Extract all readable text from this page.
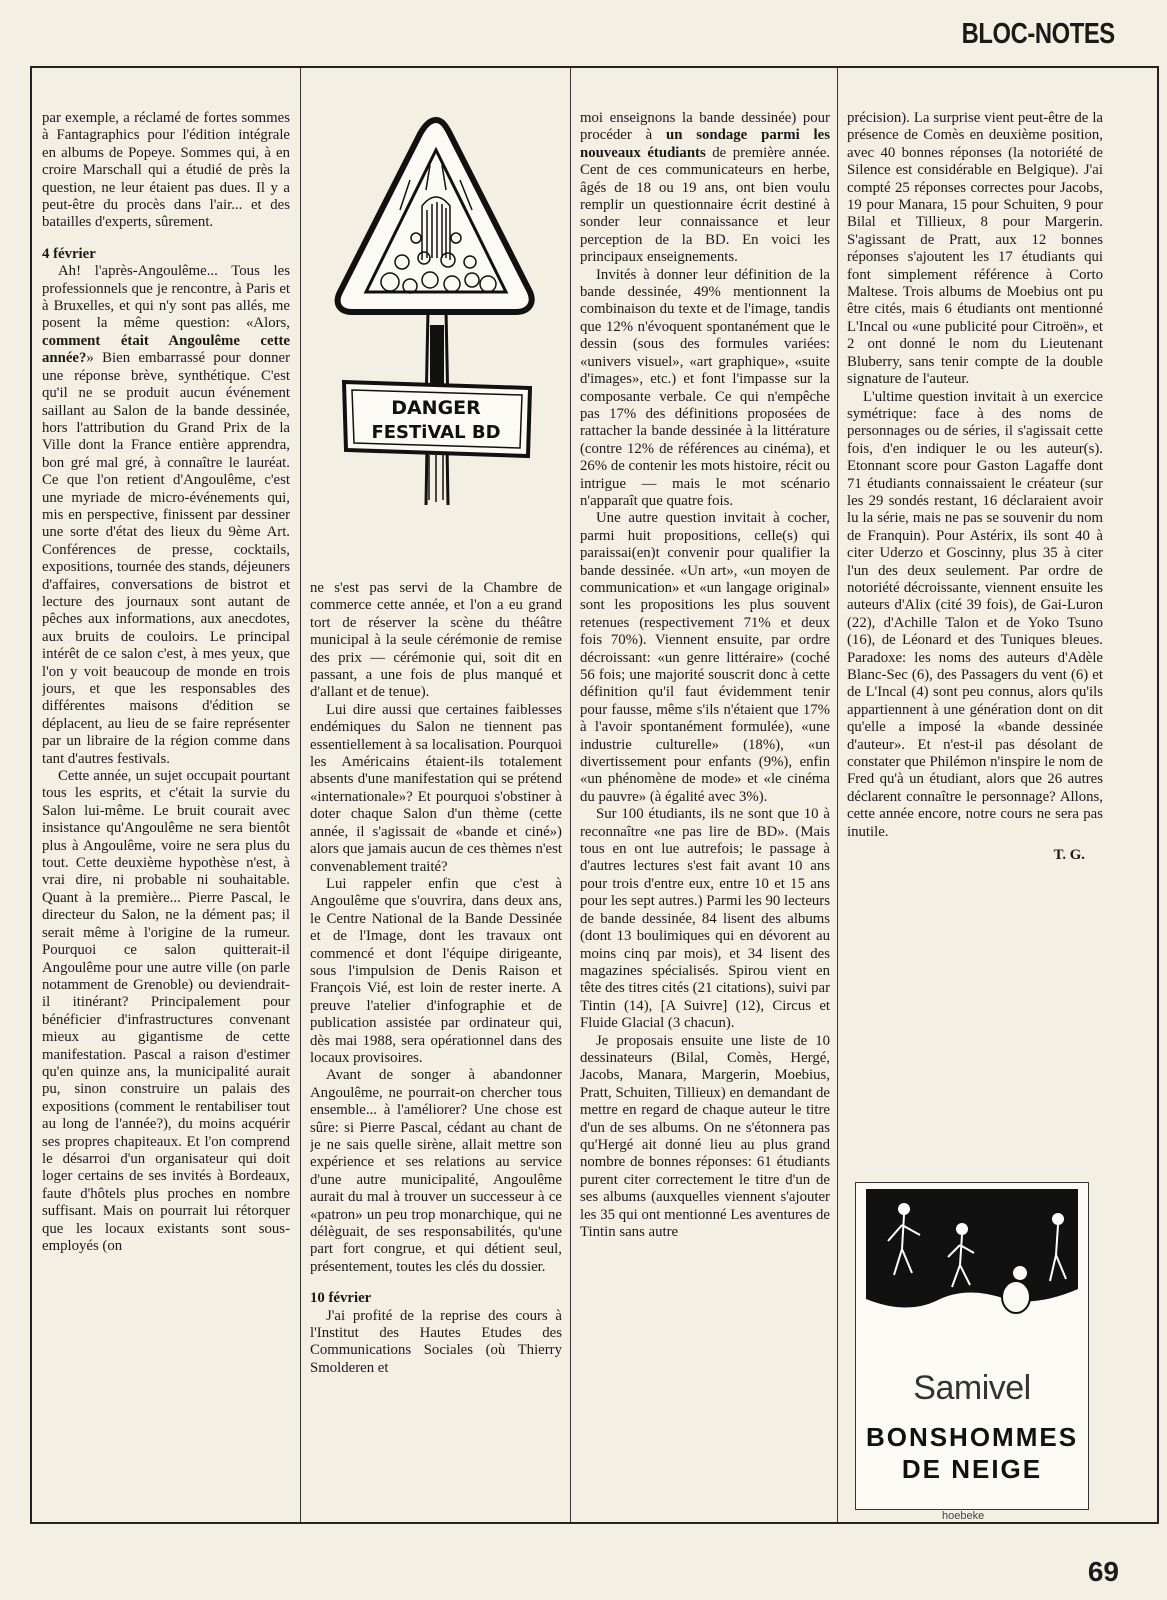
BLOC-NOTES

par exemple, a réclamé de fortes sommes à Fantagraphics pour l'édition intégrale en albums de Popeye. Sommes qui, à en croire Marschall qui a étudié de près la question, ne leur étaient pas dues. Il y a peut-être du procès dans l'air... et des batailles d'experts, sûrement.

4 février

Ah! l'après-Angoulême... Tous les professionnels que je rencontre, à Paris et à Bruxelles, et qui n'y sont pas allés, me posent la même question: «Alors, comment était Angoulême cette année?» Bien embarrassé pour donner une réponse brève, synthétique. C'est qu'il ne se produit aucun événement saillant au Salon de la bande dessinée, hors l'attribution du Grand Prix de la Ville dont la France entière apprendra, bon gré mal gré, à connaître le lauréat. Ce que l'on retient d'Angoulême, c'est une myriade de micro-événements qui, mis en perspective, finissent par dessiner une sorte d'état des lieux du 9ème Art. Conférences de presse, cocktails, expositions, tournée des stands, déjeuners d'affaires, conversations de bistrot et lecture des journaux sont autant de pêches aux informations, aux anecdotes, aux bruits de couloirs. Le principal intérêt de ce salon c'est, à mes yeux, que l'on y voit beaucoup de monde en trois jours, et que les responsables des différentes maisons d'édition se déplacent, au lieu de se faire représenter par un libraire de la région comme dans tant d'autres festivals.

Cette année, un sujet occupait pourtant tous les esprits, et c'était la survie du Salon lui-même. Le bruit courait avec insistance qu'Angoulême ne sera bientôt plus à Angoulême, voire ne sera plus du tout. Cette deuxième hypothèse n'est, à vrai dire, ni probable ni souhaitable. Quant à la première... Pierre Pascal, le directeur du Salon, ne la dément pas; il serait même à l'origine de la rumeur. Pourquoi ce salon quitterait-il Angoulême pour une autre ville (on parle notamment de Grenoble) ou deviendrait-il itinérant? Principalement pour bénéficier d'infrastructures convenant mieux au gigantisme de cette manifestation. Pascal a raison d'estimer qu'en quinze ans, la municipalité aurait pu, sinon construire un palais des expositions (comment le rentabiliser tout au long de l'année?), du moins acquérir ses propres chapiteaux. Et l'on comprend le désarroi d'un organisateur qui doit loger certains de ses invités à Bordeaux, faute d'hôtels plus proches en nombre suffisant. Mais on pourrait lui rétorquer que les locaux existants sont sous-employés (on

DANGER
FESTiVAL BD

ne s'est pas servi de la Chambre de commerce cette année, et l'on a eu grand tort de réserver la scène du théâtre municipal à la seule cérémonie de remise des prix — cérémonie qui, soit dit en passant, a une fois de plus manqué et d'allant et de tenue).

Lui dire aussi que certaines faiblesses endémiques du Salon ne tiennent pas essentiellement à sa localisation. Pourquoi les Américains étaient-ils totalement absents d'une manifestation qui se prétend «internationale»? Et pourquoi s'obstiner à doter chaque Salon d'un thème (cette année, il s'agissait de «bande et ciné») alors que jamais aucun de ces thèmes n'est convenablement traité?

Lui rappeler enfin que c'est à Angoulême que s'ouvrira, dans deux ans, le Centre National de la Bande Dessinée et de l'Image, dont les travaux ont commencé et dont l'équipe dirigeante, sous l'impulsion de Denis Raison et François Vié, est loin de rester inerte. A preuve l'atelier d'infographie et de publication assistée par ordinateur qui, dès mai 1988, sera opérationnel dans des locaux provisoires.

Avant de songer à abandonner Angoulême, ne pourrait-on chercher tous ensemble... à l'améliorer? Une chose est sûre: si Pierre Pascal, cédant au chant de je ne sais quelle sirène, allait mettre son expérience et ses relations au service d'une autre municipalité, Angoulême aurait du mal à trouver un successeur à ce «patron» un peu trop monarchique, qui ne délèguait, de ses responsabilités, qu'une part fort congrue, et qui détient seul, présentement, toutes les clés du dossier.

10 février

J'ai profité de la reprise des cours à l'Institut des Hautes Etudes des Communications Sociales (où Thierry Smolderen et

moi enseignons la bande dessinée) pour procéder à un sondage parmi les nouveaux étudiants de première année. Cent de ces communicateurs en herbe, âgés de 18 ou 19 ans, ont bien voulu remplir un questionnaire écrit destiné à sonder leur connaissance et leur perception de la BD. En voici les principaux enseignements.

Invités à donner leur définition de la bande dessinée, 49% mentionnent la combinaison du texte et de l'image, tandis que 12% n'évoquent spontanément que le dessin (sous des formules variées: «univers visuel», «art graphique», «suite d'images», etc.) et font l'impasse sur la composante verbale. Ce qui n'empêche pas 17% des définitions proposées de rattacher la bande dessinée à la littérature (contre 12% de références au cinéma), et 26% de contenir les mots histoire, récit ou intrigue — mais le mot scénario n'apparaît que quatre fois.

Une autre question invitait à cocher, parmi huit propositions, celle(s) qui paraissai(en)t convenir pour qualifier la bande dessinée. «Un art», «un moyen de communication» et «un langage original» sont les propositions les plus souvent retenues (respectivement 71% et deux fois 70%). Viennent ensuite, par ordre décroissant: «un genre littéraire» (coché 56 fois; une majorité souscrit donc à cette définition qu'il faut évidemment tenir pour fausse, même s'ils n'étaient que 17% à l'avoir spontanément formulée), «une industrie culturelle» (18%), «un divertissement pour enfants (9%), enfin «un phénomène de mode» et «le cinéma du pauvre» (à égalité avec 3%).

Sur 100 étudiants, ils ne sont que 10 à reconnaître «ne pas lire de BD». (Mais tous en ont lue autrefois; le passage à d'autres lectures s'est fait avant 10 ans pour trois d'entre eux, entre 10 et 15 ans pour les sept autres.) Parmi les 90 lecteurs de bande dessinée, 84 lisent des albums (dont 13 boulimiques qui en dévorent au moins cinq par mois), et 34 lisent des magazines spécialisés. Spirou vient en tête des titres cités (21 citations), suivi par Tintin (14), [A Suivre] (12), Circus et Fluide Glacial (3 chacun).

Je proposais ensuite une liste de 10 dessinateurs (Bilal, Comès, Hergé, Jacobs, Manara, Margerin, Moebius, Pratt, Schuiten, Tillieux) en demandant de mettre en regard de chaque auteur le titre d'un de ses albums. On ne s'étonnera pas qu'Hergé ait donné lieu au plus grand nombre de bonnes réponses: 61 étudiants purent citer correctement le titre d'un de ses albums (auxquelles viennent s'ajouter les 35 qui ont mentionné Les aventures de Tintin sans autre

précision). La surprise vient peut-être de la présence de Comès en deuxième position, avec 40 bonnes réponses (la notoriété de Silence est considérable en Belgique). J'ai compté 25 réponses correctes pour Jacobs, 19 pour Manara, 15 pour Schuiten, 9 pour Bilal et Tillieux, 8 pour Margerin. S'agissant de Pratt, aux 12 bonnes réponses s'ajoutent les 17 étudiants qui font simplement référence à Corto Maltese. Trois albums de Moebius ont pu être cités, mais 6 étudiants ont mentionné L'Incal ou «une publicité pour Citroën», et 2 ont donné le nom du Lieutenant Bluberry, sans tenir compte de la double signature de l'auteur.

L'ultime question invitait à un exercice symétrique: face à des noms de personnages ou de séries, il s'agissait cette fois, d'en indiquer le ou les auteur(s). Etonnant score pour Gaston Lagaffe dont 71 étudiants connaissaient le créateur (sur les 29 sondés restant, 16 déclaraient avoir lu la série, mais ne pas se souvenir du nom de Franquin). Pour Astérix, ils sont 40 à citer Uderzo et Goscinny, plus 35 à citer l'un des deux seulement. Par ordre de notoriété décroissante, viennent ensuite les auteurs d'Alix (cité 39 fois), de Gai-Luron (22), d'Achille Talon et de Yoko Tsuno (16), de Léonard et des Tuniques bleues. Paradoxe: les noms des auteurs d'Adèle Blanc-Sec (6), des Passagers du vent (6) et de L'Incal (4) sont peu connus, alors qu'ils appartiennent à une génération dont on dit qu'elle a imposé la «bande dessinée d'auteur». Et n'est-il pas désolant de constater que Philémon n'inspire le nom de Fred qu'à un étudiant, alors que 26 autres déclarent connaître le personnage? Allons, cette année encore, notre cours ne sera pas inutile.

T. G.
Samivel
BONSHOMMES
DE NEIGE
hoebeke
69
